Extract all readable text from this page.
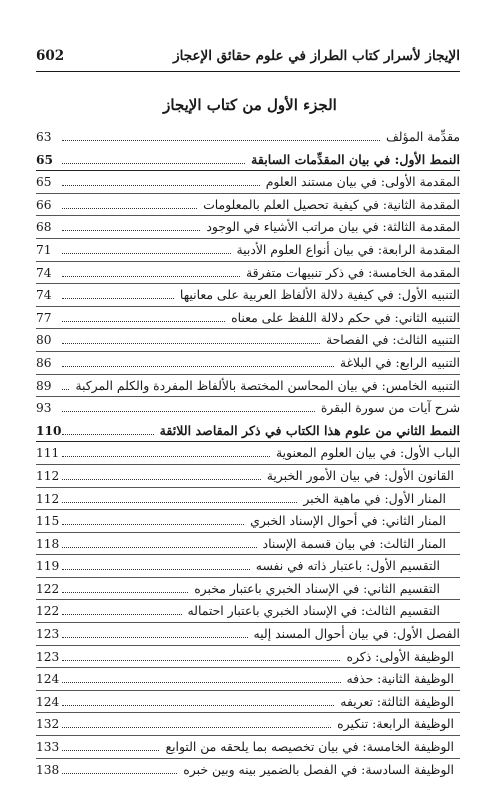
602	الإيجاز لأسرار كتاب الطراز في علوم حقائق الإعجاز
الجزء الأول من كتاب الإيجاز
63	مقدِّمة المؤلف
65	النمط الأول: في بيان المقدِّمات السابقة
65	المقدمة الأولى: في بيان مستند العلوم
66	المقدمة الثانية: في كيفية تحصيل العلم بالمعلومات
68	المقدمة الثالثة: في بيان مراتب الأشياء في الوجود
71	المقدمة الرابعة: في بيان أنواع العلوم الأدبية
74	المقدمة الخامسة: في ذكر تنبيهات متفرقة
74	التنبيه الأول: في كيفية دلالة الألفاظ العربية على معانيها
77	التنبيه الثاني: في حكم دلالة اللفظ على معناه
80	التنبيه الثالث: في الفصاحة
86	التنبيه الرابع: في البلاغة
89	التنبيه الخامس: في بيان المحاسن المختصة بالألفاظ المفردة والكلم المركبة
93	شرح آيات من سورة البقرة
110	النمط الثاني من علوم هذا الكتاب في ذكر المقاصد اللائقة
111	الباب الأول: في بيان العلوم المعنوية
112	القانون الأول: في بيان الأمور الخبرية
112	المنار الأول: في ماهية الخبر
115	المنار الثاني: في أحوال الإسناد الخبري
118	المنار الثالث: في بيان قسمة الإسناد
119	التقسيم الأول: باعتبار ذاته في نفسه
122	التقسيم الثاني: في الإسناد الخبري باعتبار مخبره
122	التقسيم الثالث: في الإسناد الخبري باعتبار احتماله
123	الفصل الأول: في بيان أحوال المسند إليه
123	الوظيفة الأولى: ذكره
124	الوظيفة الثانية: حذفه
124	الوظيفة الثالثة: تعريفه
132	الوظيفة الرابعة: تنكيره
133	الوظيفة الخامسة: في بيان تخصيصه بما يلحقه من التوابع
138	الوظيفة السادسة: في الفصل بالضمير بينه وبين خبره
